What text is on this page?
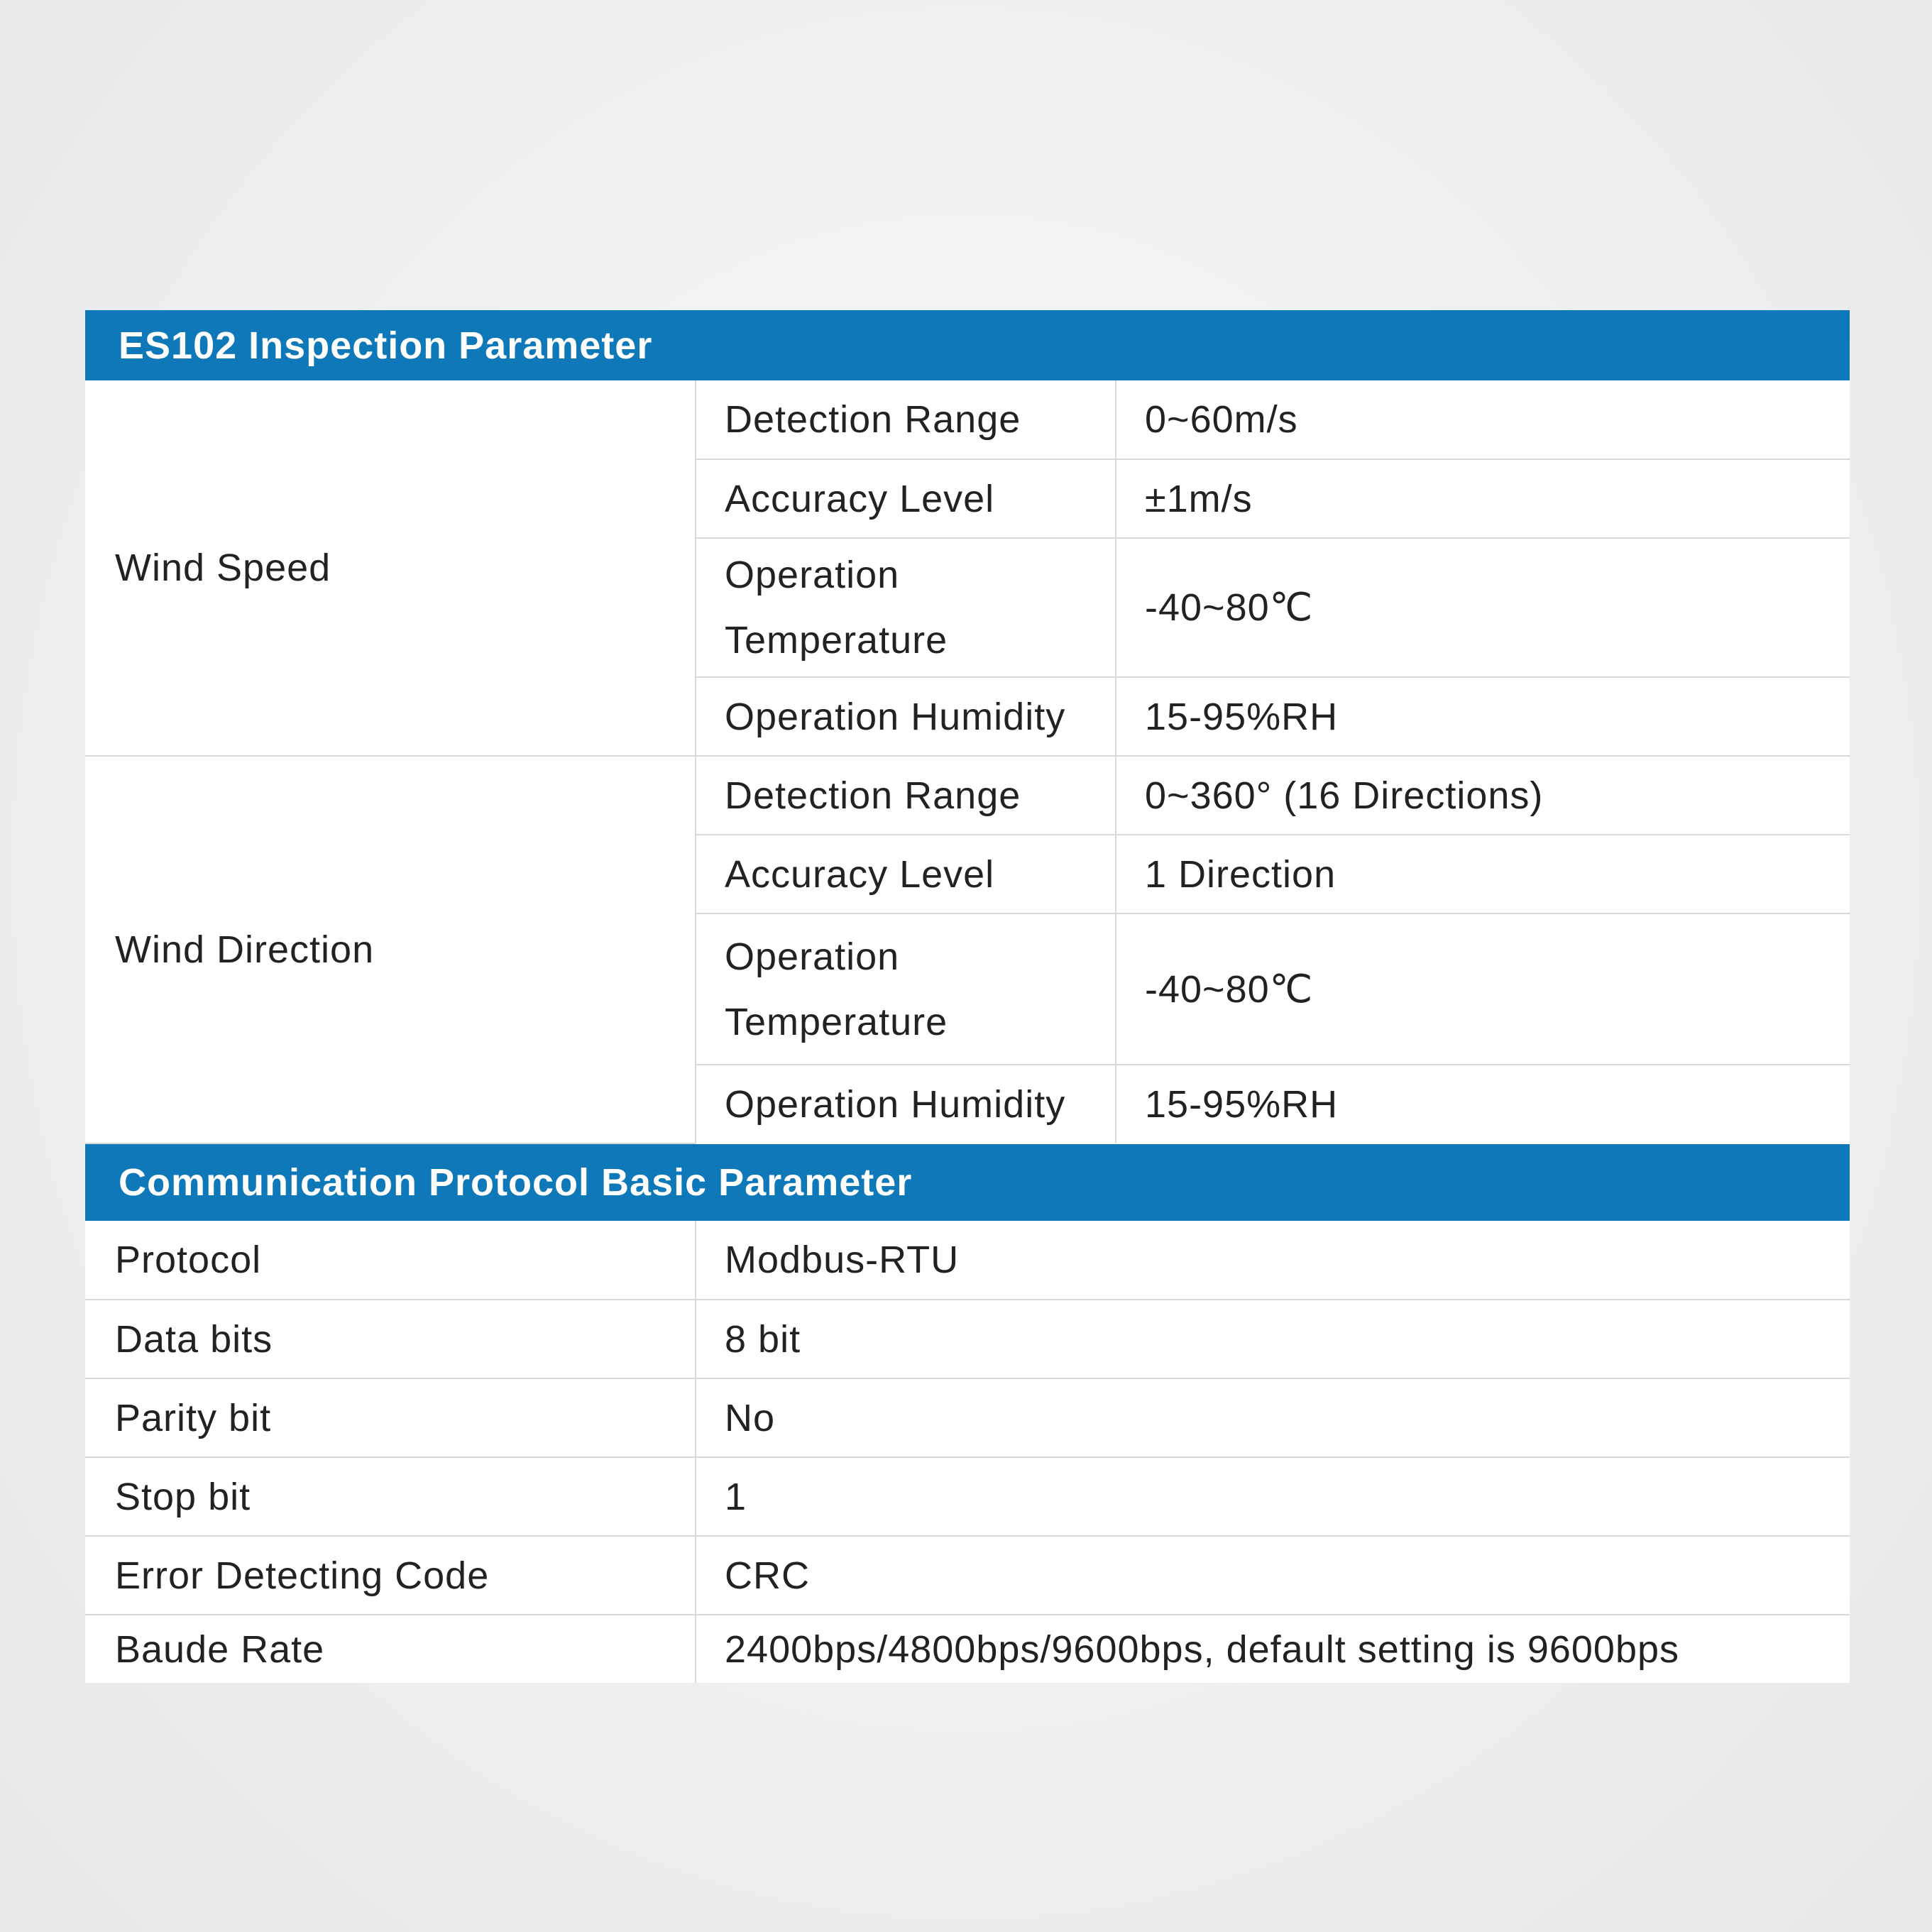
ES102 Inspection Parameter
Wind Speed	Detection Range	0~60m/s
	Accuracy Level	±1m/s
	Operation Temperature	-40~80℃
	Operation Humidity	15-95%RH
Wind Direction	Detection Range	0~360° (16 Directions)
	Accuracy Level	1 Direction
	Operation Temperature	-40~80℃
	Operation Humidity	15-95%RH
Communication Protocol Basic Parameter
Protocol	Modbus-RTU
Data bits	8 bit
Parity bit	No
Stop bit	1
Error Detecting Code	CRC
Baude Rate	2400bps/4800bps/9600bps, default setting is 9600bps
